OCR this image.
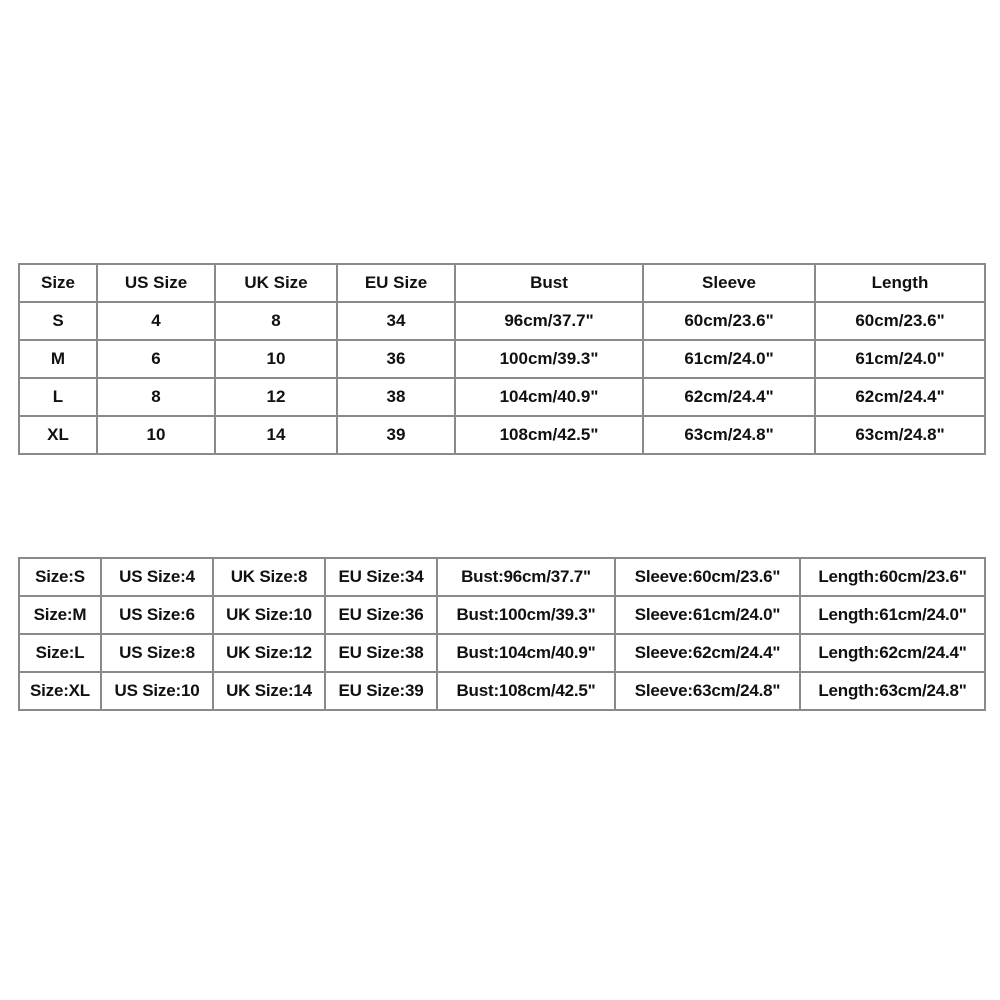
Size	US Size	UK Size	EU Size	Bust	Sleeve	Length
S	4	8	34	96cm/37.7"	60cm/23.6"	60cm/23.6"
M	6	10	36	100cm/39.3"	61cm/24.0"	61cm/24.0"
L	8	12	38	104cm/40.9"	62cm/24.4"	62cm/24.4"
XL	10	14	39	108cm/42.5"	63cm/24.8"	63cm/24.8"
Size:S	US Size:4	UK Size:8	EU Size:34	Bust:96cm/37.7"	Sleeve:60cm/23.6"	Length:60cm/23.6"
Size:M	US Size:6	UK Size:10	EU Size:36	Bust:100cm/39.3"	Sleeve:61cm/24.0"	Length:61cm/24.0"
Size:L	US Size:8	UK Size:12	EU Size:38	Bust:104cm/40.9"	Sleeve:62cm/24.4"	Length:62cm/24.4"
Size:XL	US Size:10	UK Size:14	EU Size:39	Bust:108cm/42.5"	Sleeve:63cm/24.8"	Length:63cm/24.8"
